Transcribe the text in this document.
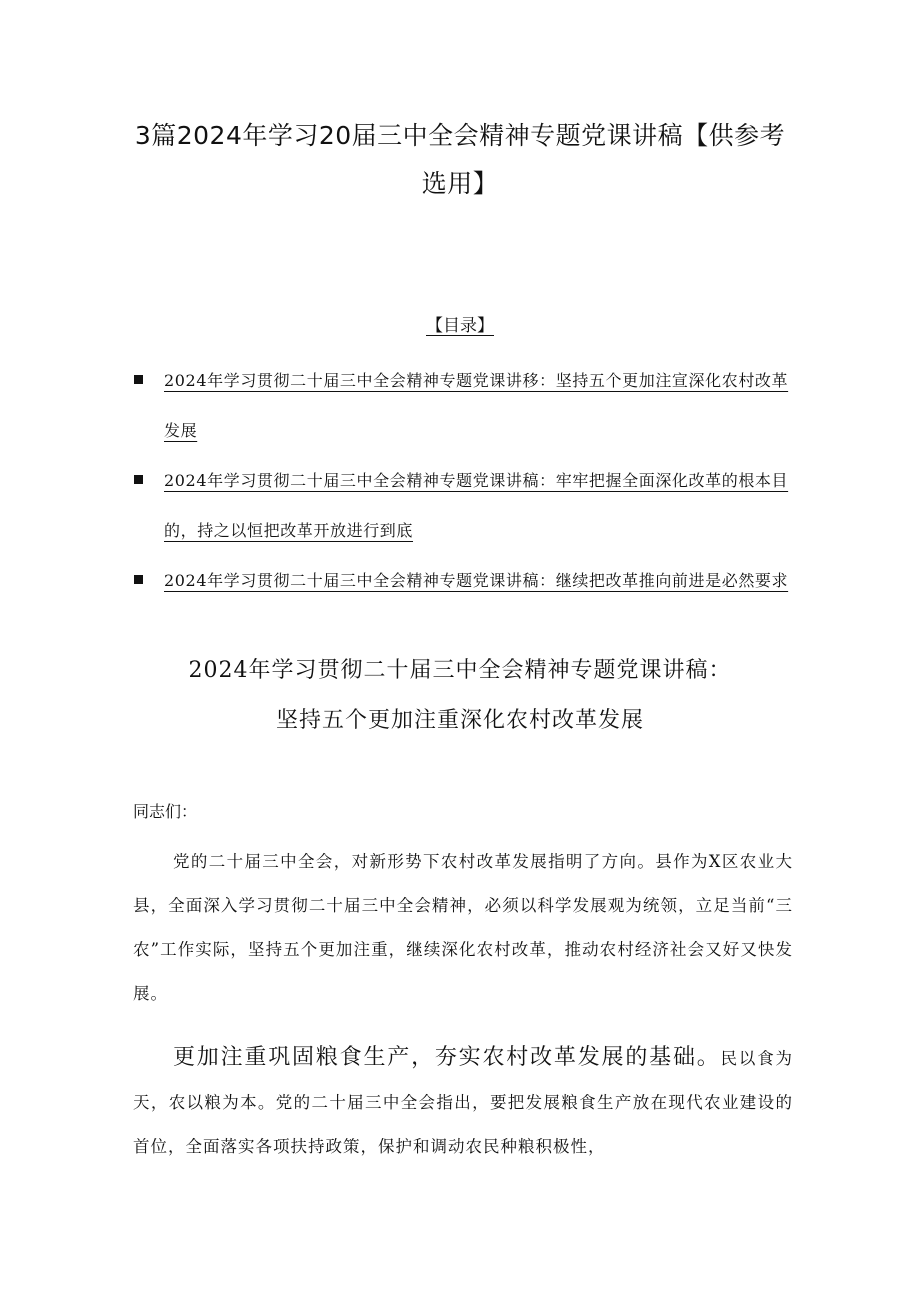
3篇2024年学习20届三中全会精神专题党课讲稿【供参考选用】
【目录】
2024年学习贯彻二十届三中全会精神专题党课讲移：坚持五个更加注宣深化农村改革发展
2024年学习贯彻二十届三中全会精神专题党课讲稿：牢牢把握全面深化改革的根本目的，持之以恒把改革开放进行到底
2024年学习贯彻二十届三中全会精神专题党课讲稿：继续把改革推向前进是必然要求
2024年学习贯彻二十届三中全会精神专题党课讲稿：
坚持五个更加注重深化农村改革发展

同志们：

党的二十届三中全会，对新形势下农村改革发展指明了方向。县作为X区农业大县，全面深入学习贯彻二十届三中全会精神，必须以科学发展观为统领，立足当前“三农”工作实际，坚持五个更加注重，继续深化农村改革，推动农村经济社会又好又快发展。

更加注重巩固粮食生产，夯实农村改革发展的基础。民以食为天，农以粮为本。党的二十届三中全会指出，要把发展粮食生产放在现代农业建设的首位，全面落实各项扶持政策，保护和调动农民种粮积极性，
